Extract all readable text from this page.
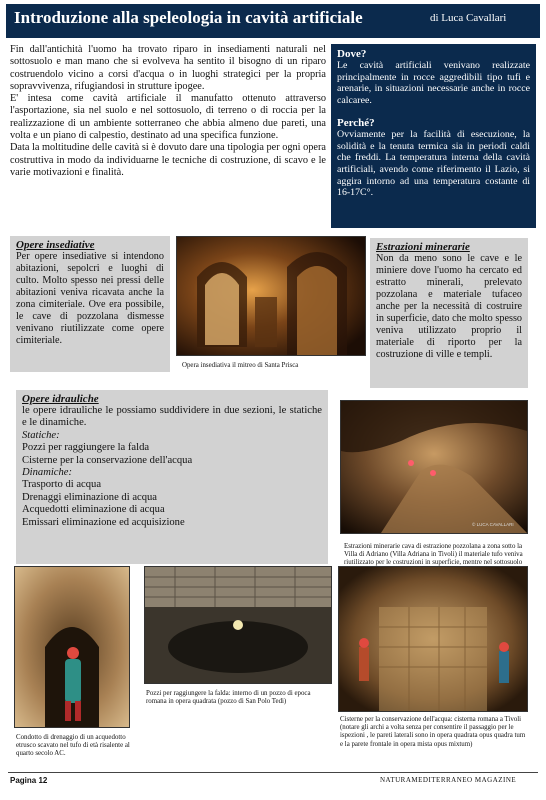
Introduzione alla speleologia in cavità artificiale	di Luca Cavallari

Fin dall'antichità l'uomo ha trovato riparo in insediamenti naturali nel sottosuolo e man mano che si evolveva ha sentito il bisogno di un riparo costruendolo vicino a corsi d'acqua o in luoghi strategici per la propria sopravvivenza, rifugiandosi in strutture ipogee.

E' intesa come cavità artificiale il manufatto ottenuto attraverso l'asportazione, sia nel suolo e nel sottosuolo, di terreno o di roccia per la realizzazione di un ambiente sotterraneo che abbia almeno due pareti, una volta e un piano di calpestio, destinato ad una specifica funzione.

Data la moltitudine delle cavità si è dovuto dare una tipologia per ogni opera costruttiva in modo da individuarne le tecniche di costruzione, di scavo e le varie motivazioni e finalità.

Dove?

Le cavità artificiali venivano realizzate principalmente in rocce aggredibili tipo tufi e arenarie, in situazioni necessarie anche in rocce calcaree.

Perché?

Ovviamente per la facilità di esecuzione, la solidità e la tenuta termica sia in periodi caldi che freddi. La temperatura interna della cavità artificiali, avendo come riferimento il Lazio, si aggira intorno ad una temperatura costante di 16-17C°.

Opere insediative

Per opere insediative si intendono abitazioni, sepolcri e luoghi di culto. Molto spesso nei pressi delle abitazioni veniva ricavata anche la zona cimiteriale. Ove era possibile, le cave di pozzolana dismesse venivano riutilizzate come opere cimiteriale.

Opera insediativa il mitreo di Santa Prisca

Estrazioni minerarie

Non da meno sono le cave e le miniere dove l'uomo ha cercato ed estratto minerali, prelevato pozzolana e materiale tufaceo anche per la necessità di costruire in superficie, dato che molto spesso veniva utilizzato proprio il materiale di riporto per la costruzione di ville e templi.

Opere idrauliche

le opere idrauliche le possiamo suddividere in due sezioni, le statiche e le dinamiche.

Statiche:
Pozzi per raggiungere la falda
Cisterne per la conservazione dell'acqua
Dinamiche:
Trasporto di acqua
Drenaggi eliminazione di acqua
Acquedotti eliminazione di acqua
Emissari eliminazione ed acquisizione	© LUCA CAVALLARI
Estrazioni minerarie cava di estrazione pozzolana a zona sotto la Villa di Adriano (Villa Adriana in Tivoli) il materiale tufo veniva riutilizzato per le costruzioni in superficie, mentre nel sottosuolo
Condotto di drenaggio di un acquedotto etrusco scavato nel tufo di età risalente al quarto secolo AC.
Pozzi per raggiungere la falda: interno di un pozzo di epoca romana in opera quadrata (pozzo di San Polo Tedi)
Cisterne per la conservazione dell'acqua: cisterna romana a Tivoli (notare gli archi a volta senza per consentire il passaggio per le ispezioni , le pareti laterali sono in opera quadrata opus quadra tum e la parete frontale in opera mista opus mixtum)
Pagina 12	NATURAMEDITERRANEO MAGAZINE
